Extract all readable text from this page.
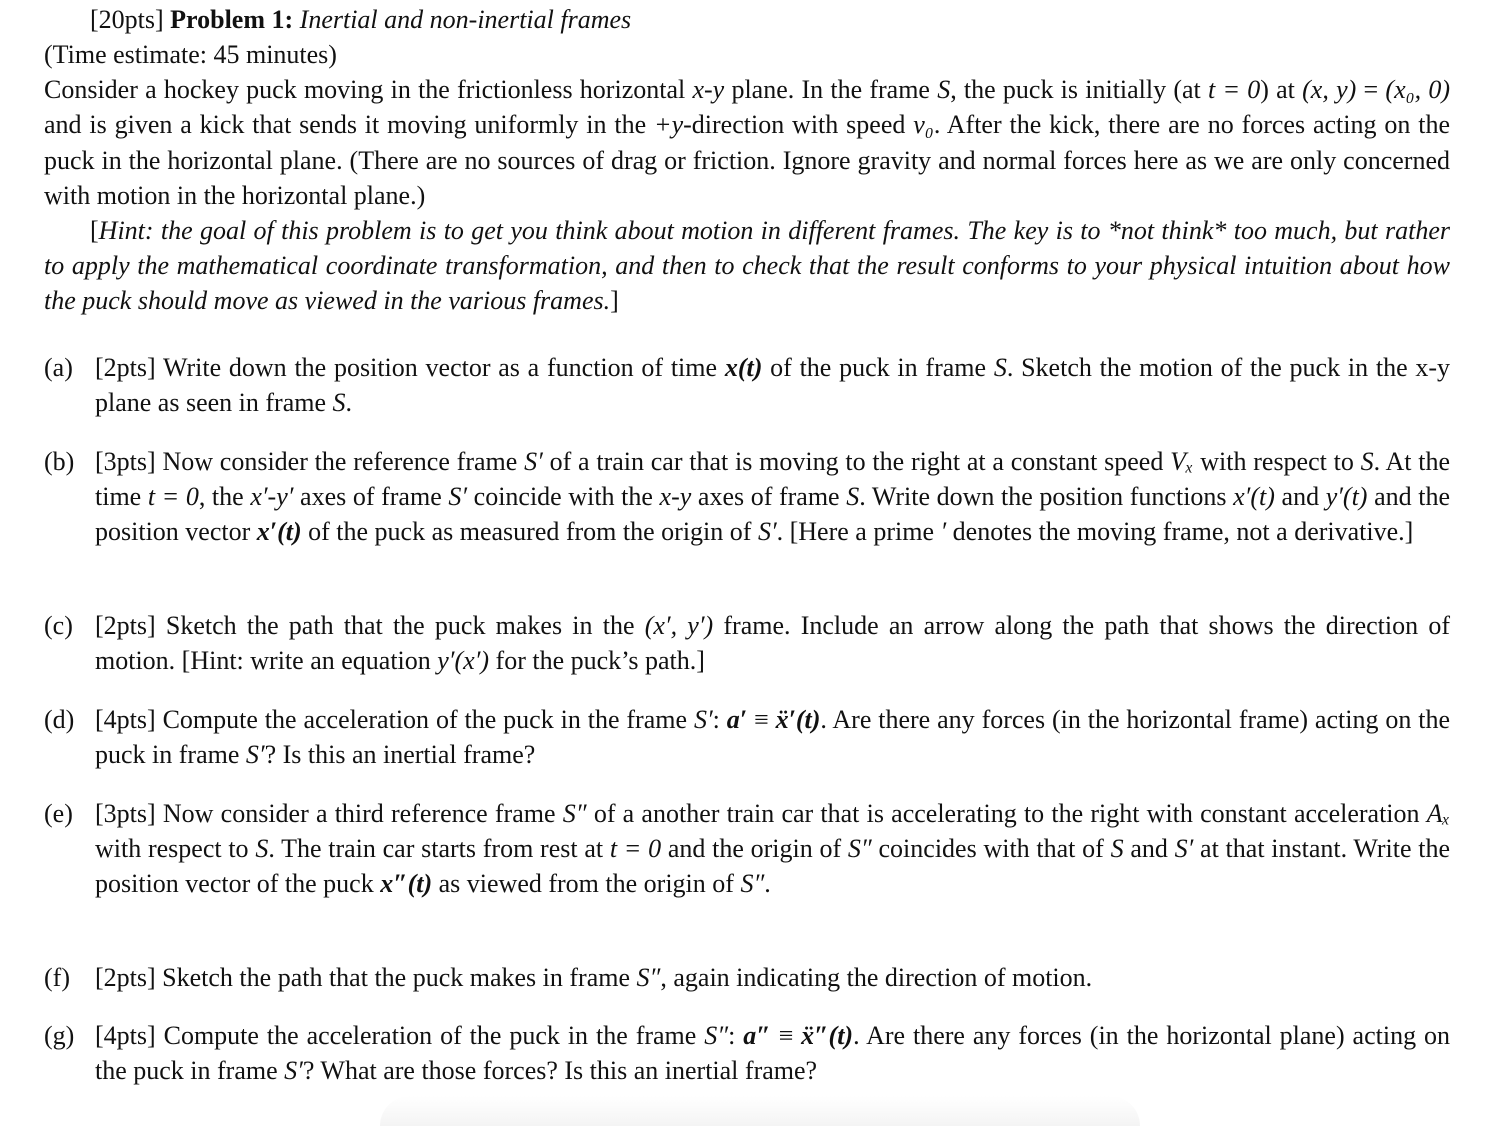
[20pts] Problem 1: Inertial and non-inertial frames
(Time estimate: 45 minutes)
Consider a hockey puck moving in the frictionless horizontal x-y plane. In the frame S, the puck is initially (at t = 0) at (x, y) = (x₀, 0) and is given a kick that sends it moving uniformly in the +y-direction with speed v₀. After the kick, there are no forces acting on the puck in the horizontal plane. (There are no sources of drag or friction. Ignore gravity and normal forces here as we are only concerned with motion in the horizontal plane.)
[Hint: the goal of this problem is to get you think about motion in different frames. The key is to *not think* too much, but rather to apply the mathematical coordinate transformation, and then to check that the result conforms to your physical intuition about how the puck should move as viewed in the various frames.]
(a) [2pts] Write down the position vector as a function of time x(t) of the puck in frame S. Sketch the motion of the puck in the x-y plane as seen in frame S.
(b) [3pts] Now consider the reference frame S′ of a train car that is moving to the right at a constant speed Vₓ with respect to S. At the time t = 0, the x′-y′ axes of frame S′ coincide with the x-y axes of frame S. Write down the position functions x′(t) and y′(t) and the position vector x′(t) of the puck as measured from the origin of S′. [Here a prime ′ denotes the moving frame, not a derivative.]
(c) [2pts] Sketch the path that the puck makes in the (x′, y′) frame. Include an arrow along the path that shows the direction of motion. [Hint: write an equation y′(x′) for the puck’s path.]
(d) [4pts] Compute the acceleration of the puck in the frame S′: a′ ≡ ẍ′(t). Are there any forces (in the horizontal frame) acting on the puck in frame S′? Is this an inertial frame?
(e) [3pts] Now consider a third reference frame S″ of a another train car that is accelerating to the right with constant acceleration Aₓ with respect to S. The train car starts from rest at t = 0 and the origin of S″ coincides with that of S and S′ at that instant. Write the position vector of the puck x″(t) as viewed from the origin of S″.
(f) [2pts] Sketch the path that the puck makes in frame S″, again indicating the direction of motion.
(g) [4pts] Compute the acceleration of the puck in the frame S″: a″ ≡ ẍ″(t). Are there any forces (in the horizontal plane) acting on the puck in frame S′? What are those forces? Is this an inertial frame?
